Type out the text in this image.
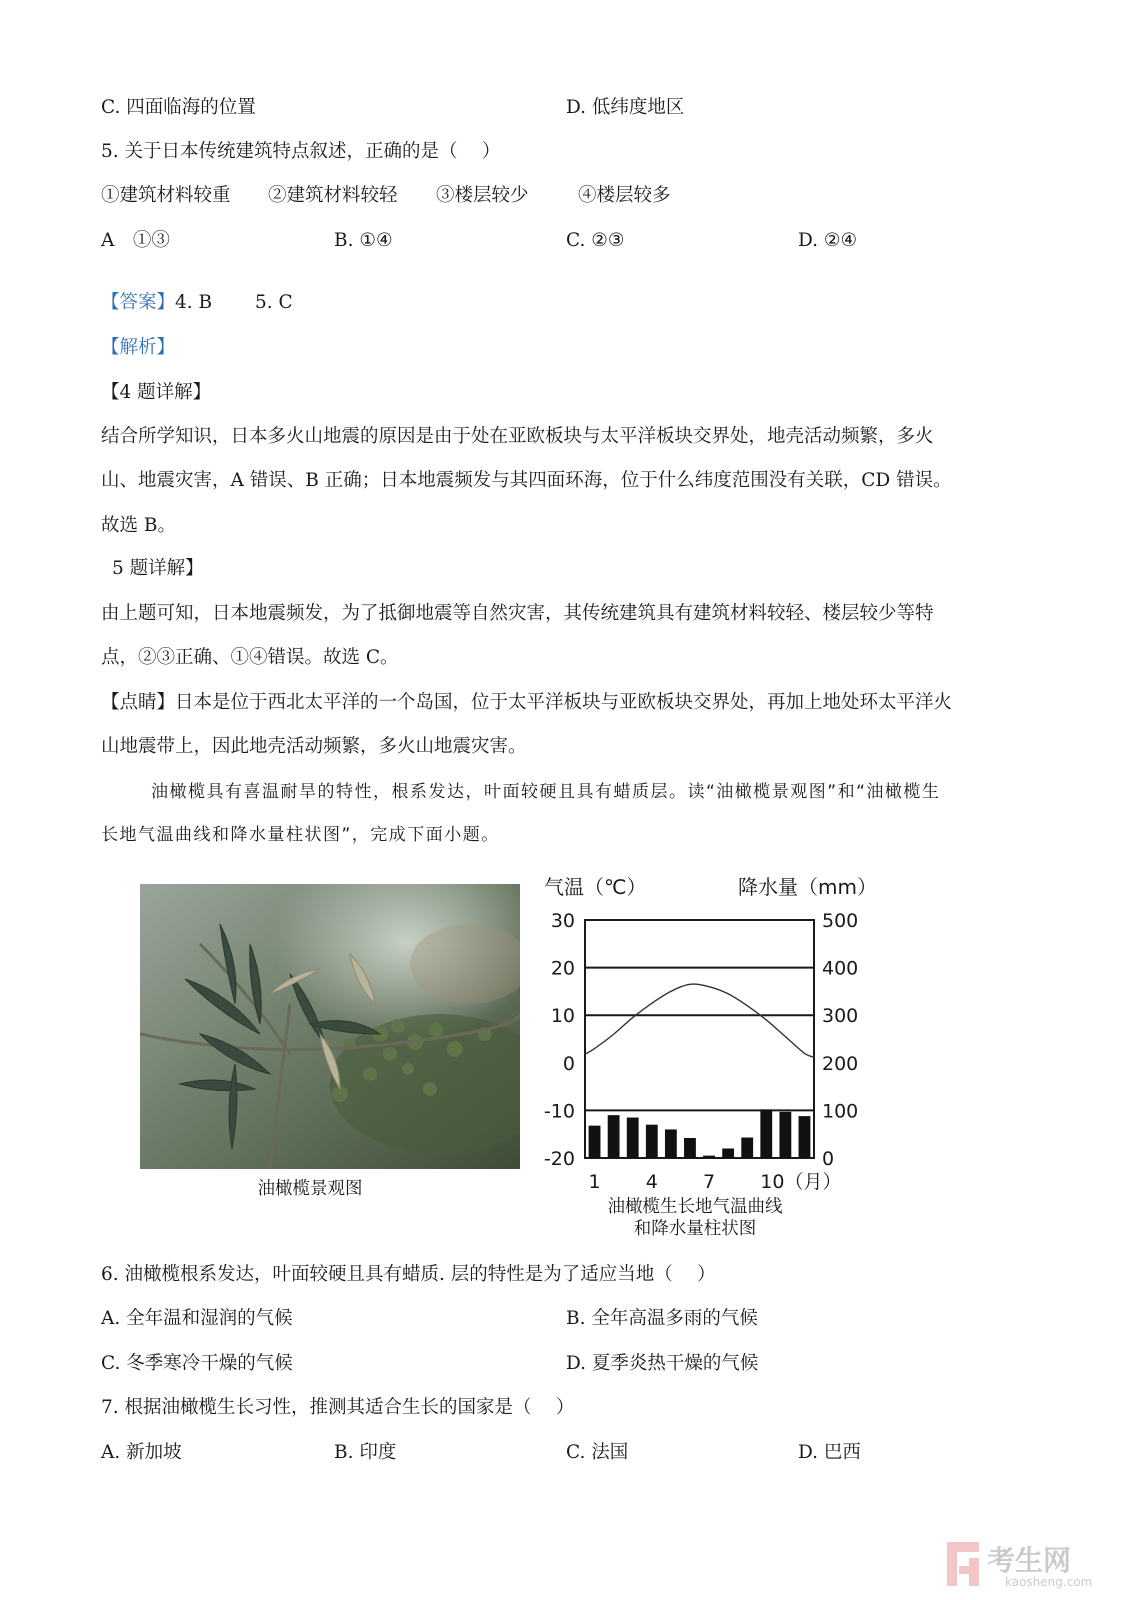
C. 四面临海的位置	D. 低纬度地区
5. 关于日本传统建筑特点叙述，正确的是（　 ）
①建筑材料较重 ②建筑材料较轻 ③楼层较少	④楼层较多
A　①③	B. ①④	C. ②③	D. ②④
【答案】4. B　　 5. C
【解析】
【4 题详解】
结合所学知识，日本多火山地震的原因是由于处在亚欧板块与太平洋板块交界处，地壳活动频繁，多火
山、地震灾害，A 错误、B 正确；日本地震频发与其四面环海，位于什么纬度范围没有关联，CD 错误。
故选 B。
5 题详解】
由上题可知，日本地震频发，为了抵御地震等自然灾害，其传统建筑具有建筑材料较轻、楼层较少等特
点，②③正确、①④错误。故选 C。
【点睛】日本是位于西北太平洋的一个岛国，位于太平洋板块与亚欧板块交界处，再加上地处环太平洋火
山地震带上，因此地壳活动频繁，多火山地震灾害。
油橄榄具有喜温耐旱的特性，根系发达，叶面较硬且具有蜡质层。读“油橄榄景观图”和“油橄榄生
长地气温曲线和降水量柱状图”，完成下面小题。
油橄榄景观图
气温（℃）	降水量（mm）
30
20
10
0
-10
-20
500
400
300
200
100
0
1 4 7 10（月）
油橄榄生长地气温曲线
和降水量柱状图
6. 油橄榄根系发达，叶面较硬且具有蜡质. 层的特性是为了适应当地（　 ）
A. 全年温和湿润的气候	B. 全年高温多雨的气候
C. 冬季寒冷干燥的气候	D. 夏季炎热干燥的气候
7. 根据油橄榄生长习性，推测其适合生长的国家是（　 ）
A. 新加坡	B. 印度	C. 法国	D. 巴西
考生网
kaosheng.com
